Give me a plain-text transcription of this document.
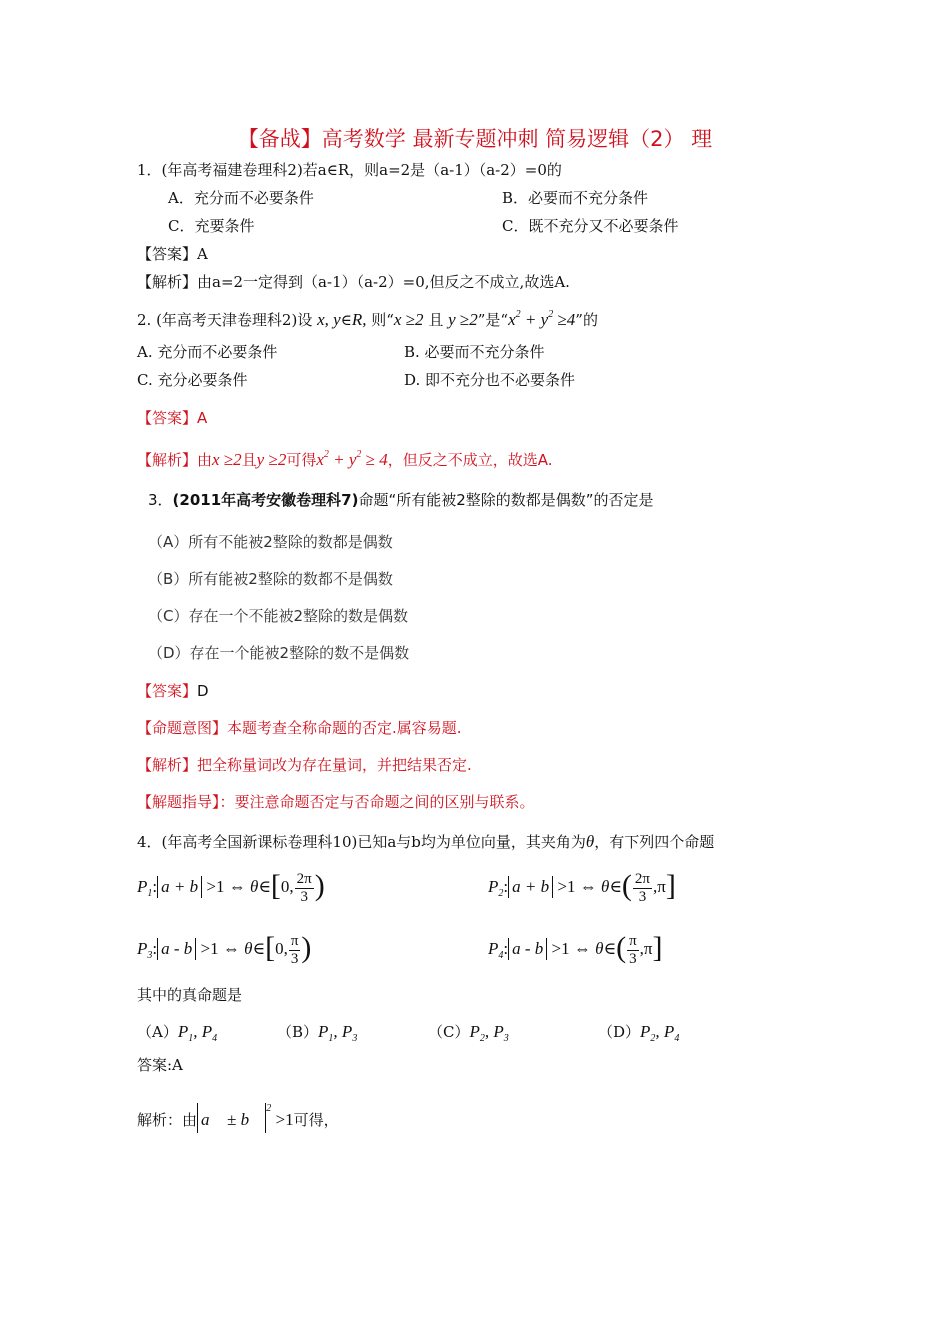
【备战】高考数学 最新专题冲刺 简易逻辑（2） 理
1．(年高考福建卷理科2)若a∈R，则a=2是（a-1）（a-2）=0的
A．充分而不必要条件	B．必要而不充分条件
C．充要条件	C．既不充分又不必要条件
【答案】A
【解析】由a=2一定得到（a-1）（a-2）=0,但反之不成立,故选A.
2. (年高考天津卷理科2)设 x, y∈R, 则“x ≥2 且 y ≥2”是“$x^2 + y^2 \ge 4$”的
A. 充分而不必要条件	B. 必要而不充分条件
C. 充分必要条件	D. 即不充分也不必要条件
【答案】A
【解析】由x ≥2且y ≥2可得$x^2 + y^2 \ge 4$，但反之不成立，故选A.
3．(2011年高考安徽卷理科7)命题“所有能被2整除的数都是偶数”的否定是
（A）所有不能被2整除的数都是偶数
（B）所有能被2整除的数都不是偶数
（C）存在一个不能被2整除的数是偶数
（D）存在一个能被2整除的数不是偶数
【答案】D
【命题意图】本题考查全称命题的否定.属容易题.
【解析】把全称量词改为存在量词，并把结果否定.
【解题指导】：要注意命题否定与否命题之间的区别与联系。
4．(年高考全国新课标卷理科10)已知a与b均为单位向量，其夹角为θ，有下列四个命题
$P_1$: a + b >1 ⇔ θ∈[0, $\frac{2\pi}{3}$ )	$P_2$: a + b >1 ⇔ θ∈( $\frac{2\pi}{3} ,\pi$]
$P_3$: a - b >1 ⇔ θ∈[0, $\frac{\pi}{3}$ )	$P_4$: a - b >1 ⇔ θ∈( $\frac{\pi}{3} ,\pi$]
其中的真命题是
$(A)P_1$, $P_4$	$(B)P_1$, $P_3$	$(C)P_2$, $P_3$	$(D)P_2$, $P_4$
答案:A
解析：由 a⃗ ± b⃗$^2$ >1可得，
